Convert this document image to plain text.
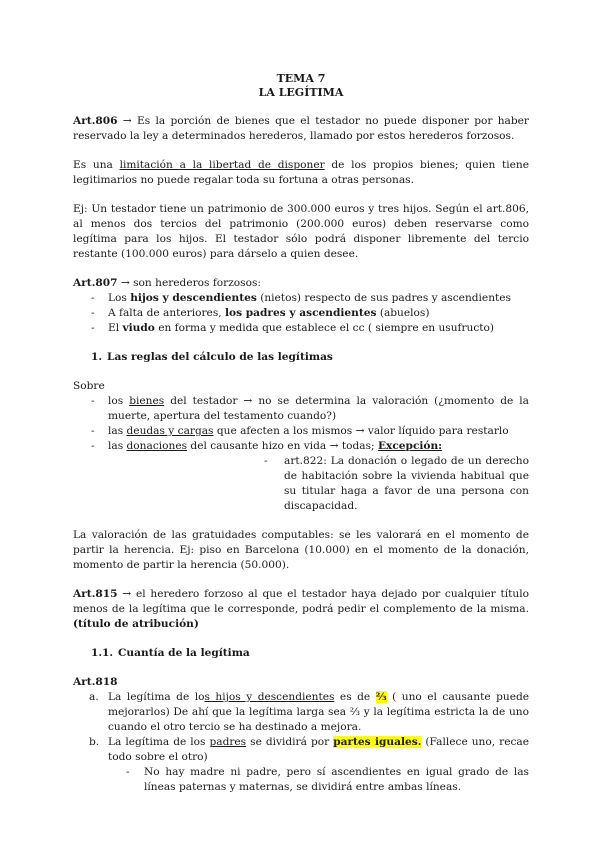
TEMA 7
LA LEGÍTIMA

Art.806 → Es la porción de bienes que el testador no puede disponer por haber reservado la ley a determinados herederos, llamado por estos herederos forzosos.

Es una limitación a la libertad de disponer de los propios bienes; quien tiene legitimarios no puede regalar toda su fortuna a otras personas.

Ej: Un testador tiene un patrimonio de 300.000 euros y tres hijos. Según el art.806, al menos dos tercios del patrimonio (200.000 euros) deben reservarse como legítima para los hijos. El testador sólo podrá disponer libremente del tercio restante (100.000 euros) para dárselo a quien desee.

Art.807 → son herederos forzosos:

- Los hijos y descendientes (nietos) respecto de sus padres y ascendientes
- A falta de anteriores, los padres y ascendientes (abuelos)
- El viudo en forma y medida que establece el cc ( siempre en usufructo)

1. Las reglas del cálculo de las legítimas

Sobre

- los bienes del testador → no se determina la valoración (¿momento de la muerte, apertura del testamento cuando?)
- las deudas y cargas que afecten a los mismos → valor líquido para restarlo
- las donaciones del causante hizo en vida → todas; Excepción:
- art.822: La donación o legado de un derecho de habitación sobre la vivienda habitual que su titular haga a favor de una persona con discapacidad.

La valoración de las gratuidades computables: se les valorará en el momento de partir la herencia. Ej: piso en Barcelona (10.000) en el momento de la donación, momento de partir la herencia (50.000).

Art.815 → el heredero forzoso al que el testador haya dejado por cualquier título menos de la legítima que le corresponde, podrá pedir el complemento de la misma. (título de atribución)

1.1. Cuantía de la legítima

Art.818

a. La legítima de los hijos y descendientes es de ⅔ ( uno el causante puede mejorarlos) De ahí que la legítima larga sea ⅔ y la legítima estricta la de uno cuando el otro tercio se ha destinado a mejora.
b. La legítima de los padres se dividirá por partes iguales. (Fallece uno, recae todo sobre el otro)
- No hay madre ni padre, pero sí ascendientes en igual grado de las líneas paternas y maternas, se dividirá entre ambas líneas.
